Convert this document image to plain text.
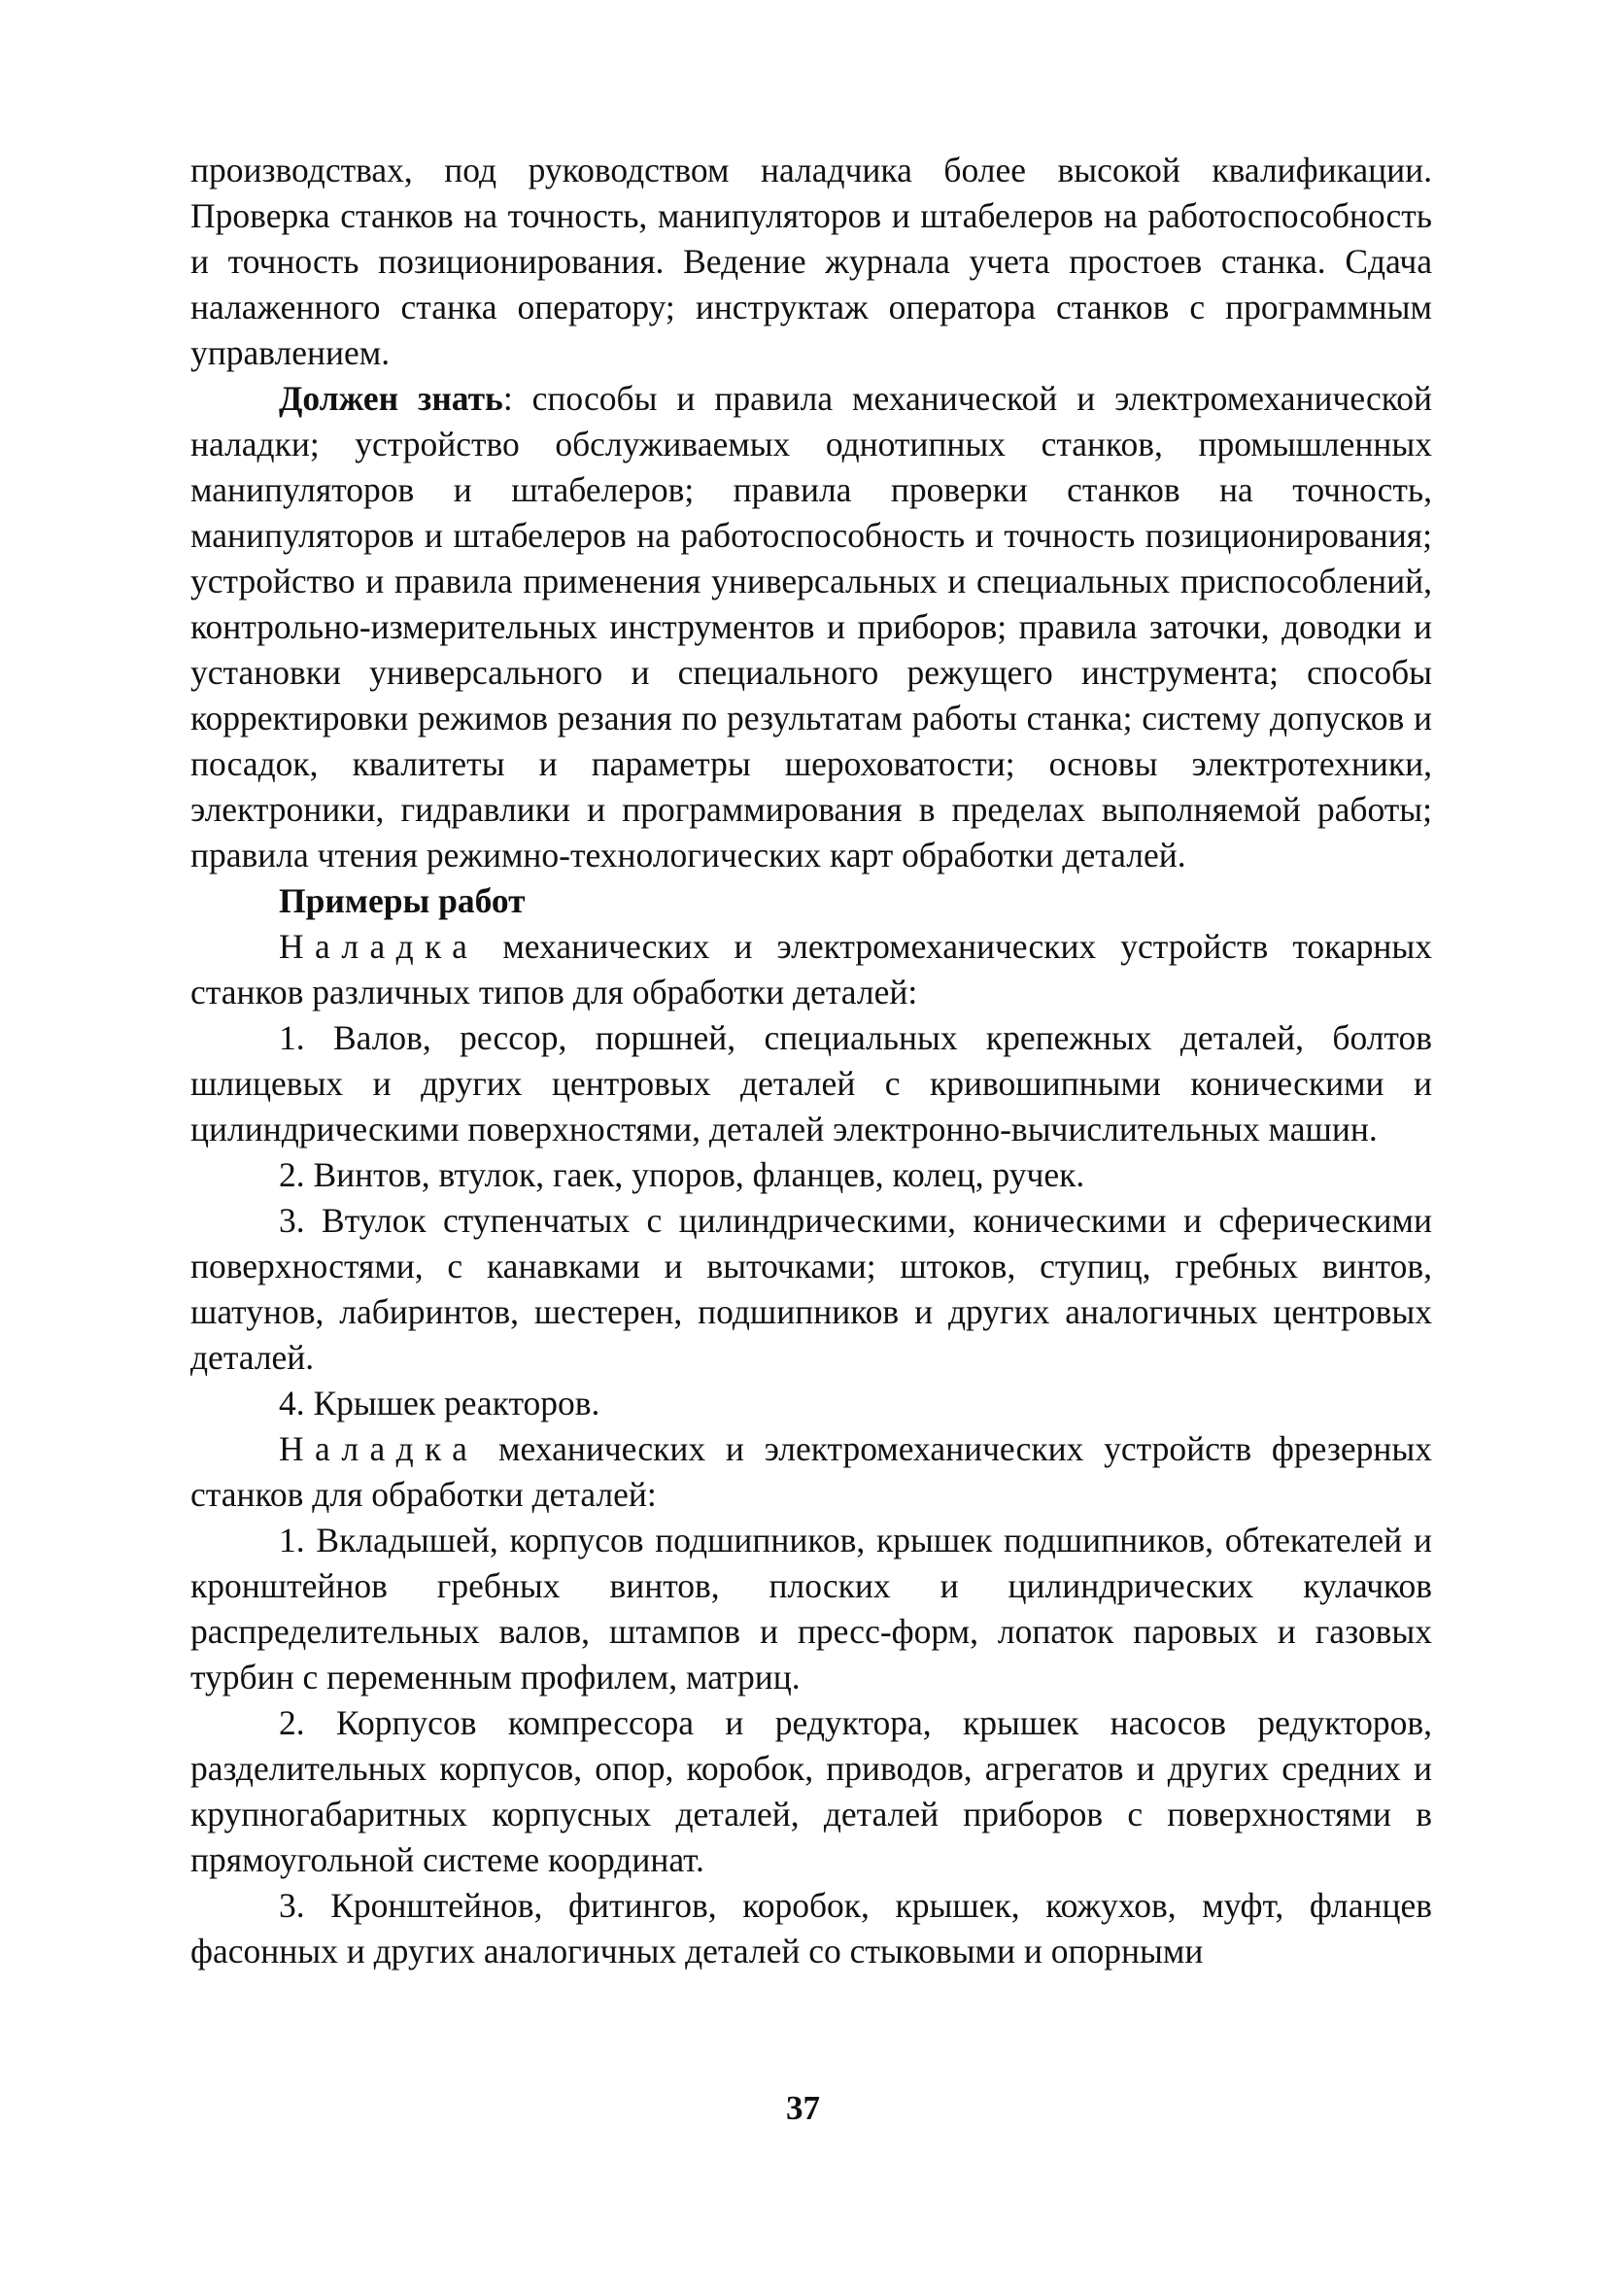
производствах, под руководством наладчика более высокой квалификации. Проверка станков на точность, манипуляторов и штабелеров на работоспособность и точность позиционирования. Ведение журнала учета простоев станка. Сдача налаженного станка оператору; инструктаж оператора станков с программным управлением.

Должен знать: способы и правила механической и электромеханической наладки; устройство обслуживаемых однотипных станков, промышленных манипуляторов и штабелеров; правила проверки станков на точность, манипуляторов и штабелеров на работоспособность и точность позиционирования; устройство и правила применения универсальных и специальных приспособлений, контрольно-измерительных инструментов и приборов; правила заточки, доводки и установки универсального и специального режущего инструмента; способы корректировки режимов резания по результатам работы станка; систему допусков и посадок, квалитеты и параметры шероховатости; основы электротехники, электроники, гидравлики и программирования в пределах выполняемой работы; правила чтения режимно-технологических карт обработки деталей.

Примеры работ

Наладка механических и электромеханических устройств токарных станков различных типов для обработки деталей:

1. Валов, рессор, поршней, специальных крепежных деталей, болтов шлицевых и других центровых деталей с кривошипными коническими и цилиндрическими поверхностями, деталей электронно-вычислительных машин.

2. Винтов, втулок, гаек, упоров, фланцев, колец, ручек.

3. Втулок ступенчатых с цилиндрическими, коническими и сферическими поверхностями, с канавками и выточками; штоков, ступиц, гребных винтов, шатунов, лабиринтов, шестерен, подшипников и других аналогичных центровых деталей.

4. Крышек реакторов.

Наладка механических и электромеханических устройств фрезерных станков для обработки деталей:

1. Вкладышей, корпусов подшипников, крышек подшипников, обтекателей и кронштейнов гребных винтов, плоских и цилиндрических кулачков распределительных валов, штампов и пресс-форм, лопаток паровых и газовых турбин с переменным профилем, матриц.

2. Корпусов компрессора и редуктора, крышек насосов редукторов, разделительных корпусов, опор, коробок, приводов, агрегатов и других средних и крупногабаритных корпусных деталей, деталей приборов с поверхностями в прямоугольной системе координат.

3. Кронштейнов, фитингов, коробок, крышек, кожухов, муфт, фланцев фасонных и других аналогичных деталей со стыковыми и опорными

37
